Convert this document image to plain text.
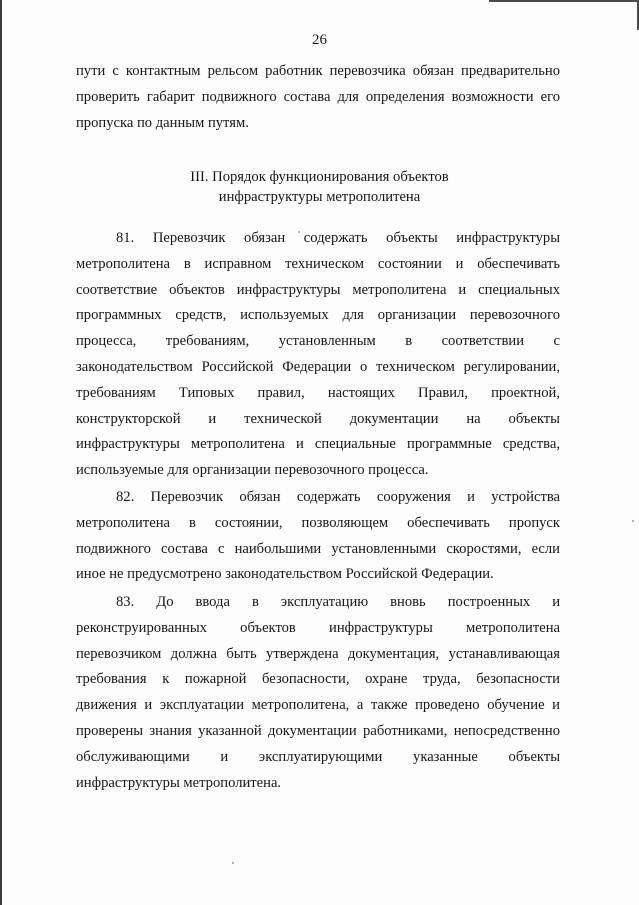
26
пути с контактным рельсом работник перевозчика обязан предварительно
проверить габарит подвижного состава для определения возможности его
пропуска по данным путям.
III. Порядок функционирования объектов
инфраструктуры метрополитена
81. Перевозчик обязан содержать объекты инфраструктуры
метрополитена в исправном техническом состоянии и обеспечивать
соответствие объектов инфраструктуры метрополитена и специальных
программных средств, используемых для организации перевозочного
процесса, требованиям, установленным в соответствии с
законодательством Российской Федерации о техническом регулировании,
требованиям Типовых правил, настоящих Правил, проектной,
конструкторской и технической документации на объекты
инфраструктуры метрополитена и специальные программные средства,
используемые для организации перевозочного процесса.
82. Перевозчик обязан содержать сооружения и устройства
метрополитена в состоянии, позволяющем обеспечивать пропуск
подвижного состава с наибольшими установленными скоростями, если
иное не предусмотрено законодательством Российской Федерации.
83. До ввода в эксплуатацию вновь построенных и
реконструированных объектов инфраструктуры метрополитена
перевозчиком должна быть утверждена документация, устанавливающая
требования к пожарной безопасности, охране труда, безопасности
движения и эксплуатации метрополитена, а также проведено обучение и
проверены знания указанной документации работниками, непосредственно
обслуживающими и эксплуатирующими указанные объекты
инфраструктуры метрополитена.
